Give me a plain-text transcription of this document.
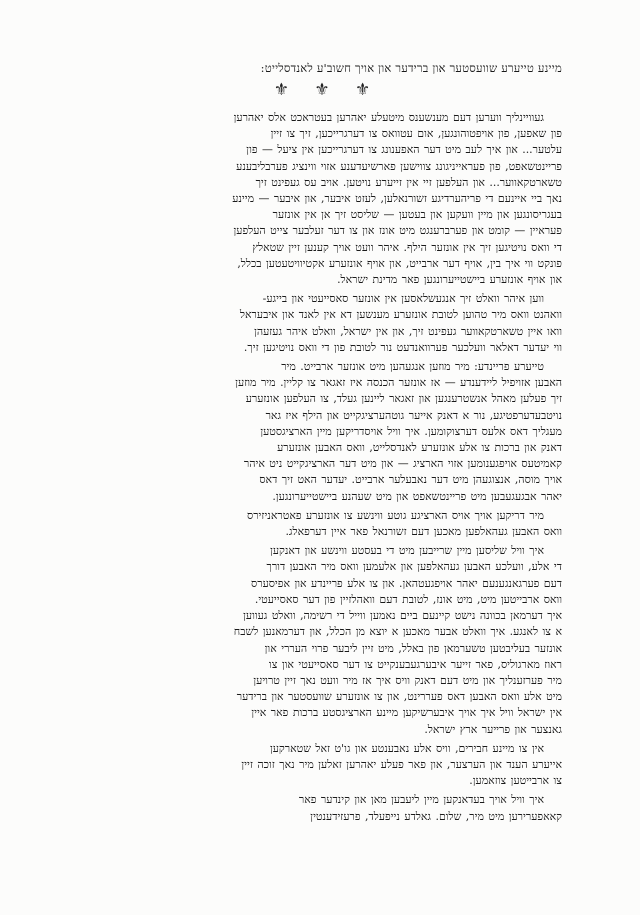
מיינע טייערע שוועסטער און ברידער און אויך חשוב'ע לאנדסלייט:
⚜ ⚜ ⚜
געוויינליך ווערען דעם מענשענס מיטעלע יאהרען בעטראכט אלס יאהרען
פון שאפען, פון אויפטוהונגען, אום עטוואס צו דערגרייכען, זיך צו זיין
עלטער... און איך לעב מיט דער האפענונג צו דערגרייכען אין ציעל — פון
פריינטשאפט, פון פעראייניגונג צווישען פארשיעדענע אזוי ווינציג פערבליבענע
טשארטקאווער... און העלפען זיי אין זייערע נויטען. אויב עס געפינט זיך
נאך ביי איינעם די פריהערדיגע זשורנאלען, לעזט איבער, און איבער — מיינע
בעגריסונגען און מיין וועקען און בעטען — שליסט זיך אן אין אונזער
פעראיין — קומט און פערברענגט מיט אונז און צו דער זעלבער צייט העלפען
די וואס נויטיגען זיך אין אונזער הילף. איהר וועט אויך קענען זיין שטאלץ
פונקט ווי איך בין, אויף דער ארבייט, און אויף אונזערע אקטיוויטעטען בכלל,
און אויף אונזערע ביישטייערונגען פאר מדינת ישראל.
ווען איהר וואלט זיך אנגעשלאסען אין אונזער סאסייעטי און בייגע-
וואהנט וואס מיר טהוען לטובת אונזערע מענשען דא אין לאנד און איבעראל
וואו איין טשארטקאווער געפינט זיך, און אין ישראל, וואלט איהר געזעהן
ווי יעדער דאלאר וועלכער פערוואנדעט נור לטובת פון די וואס נויטיגען זיך.
טייערע פריינדע: מיר מוזען אנגעהען מיט אונזער ארבייט. מיר
האבען אזויפיל ליידענדע — אז אונזער הכנסה איז זאגאר צו קליין. מיר מוזען
זיך פעלען מאהל אנשטרענגען און זאגאר ליינען געלד, צו העלפען אונזערע
נויטבעדערפטיגע, נור א דאנק אייער גוטהערציגקייט און הילף איז גאר
מעגליך דאס אלעס דערצוקומען. איך וויל אויסדריקען מיין הארציגסטען
דאנק און ברכות צו אלע אונזערע לאנדסלייט, וואס האבען אונזערע
קאמיטעס אויפגענומען אזוי הארציג — און מיט דער הארציגקייט ניט איהר
אויך מוסה, אנצוגעהן מיט דער נאבעלער ארבייט. יעדער האט זיך דאס
יאהר אבגעגעבען מיט פריינטשאפט און מיט שעהנע ביישטייערונגען.
מיר דריקען אויך אויס הארציגע גוטע ווינשע צו אונזערע פאטראניזירס
וואס האבען געהאלפען מאכען דעם זשורנאל פאר איין דערפאלג.
איך וויל שליסען מיין שרייבען מיט די בעסטע ווינשע און דאנקען
די אלע, וועלכע האבען געהאלפען און אלעמען וואס מיר האבען דורך
דעם פערגאנגענעם יאהר אויפגעטהאן. און צו אלע פריינדע און אפיסערס
וואס ארבייטען מיט, מיט אונז, לטובת דעם וואהלזיין פון דער סאסייעטי.
איך דערמאן בכוונה נישט קיינעם ביים נאמען ווייל די רשימה, וואלט געווען
א צו לאנגע. איך וואלט אבער מאכען א יוצא מן הכלל, און דערמאנען לשבח
אונזער בעליבטען טשערמאן פון באלל, מיט זיין ליבער פרוי העררי און
ראוז מארגוליס, פאר זייער איבערגעבענקייט צו דער סאסייעטי און צו
מיר פערזענליך און מיט דעם דאנק וויס איך אז מיר וועט נאך זיין טרויען
מיט אלע וואס האבען דאס פעררינט, און צו אונזערע שוועסטער און ברידער
אין ישראל וויל איך אויך איבערשיקען מיינע הארציגסטע ברכות פאר איין
גאנצער און פרייער ארץ ישראל.
אין צו מיינע חבירים, וויס אלע נאבענטע און גו'ט זאל שטארקען
אייערע הענד און הערצער, און פאר פעלע יאהרען זאלען מיר נאך זוכה זיין
צו ארבייטען צוזאמען.
איך וויל אויך בעדאנקען מיין ליעבען מאן און קינדער פאר
קאאפערירען מיט מיר, שלום. גאלדע נייפעלד, פרעזידענטין
